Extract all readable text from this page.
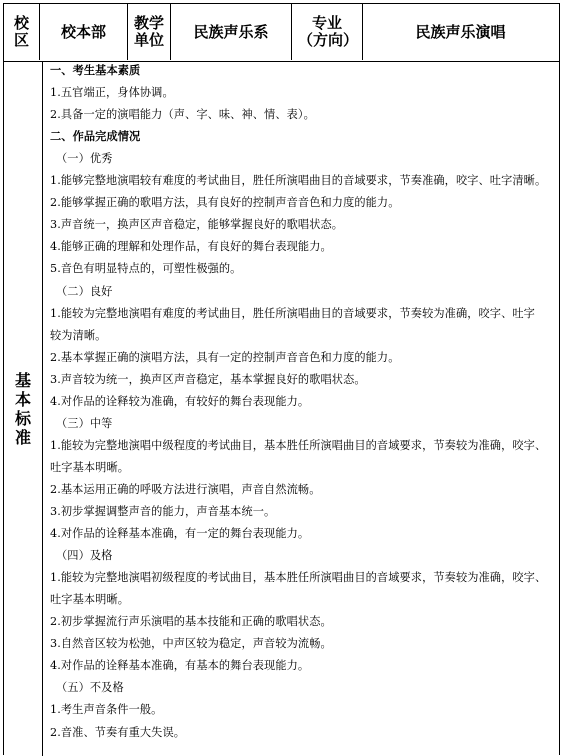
校区	校本部	教学单位	民族声乐系	专业（方向）	民族声乐演唱
基本标准
一、考生基本素质
1.五官端正，身体协调。
2.具备一定的演唱能力（声、字、味、神、情、表）。
二、作品完成情况
（一）优秀
1.能够完整地演唱较有难度的考试曲目，胜任所演唱曲目的音域要求，节奏准确，咬字、吐字清晰。
2.能够掌握正确的歌唱方法，具有良好的控制声音音色和力度的能力。
3.声音统一，换声区声音稳定，能够掌握良好的歌唱状态。
4.能够正确的理解和处理作品，有良好的舞台表现能力。
5.音色有明显特点的，可塑性极强的。
（二）良好
1.能较为完整地演唱有难度的考试曲目，胜任所演唱曲目的音域要求，节奏较为准确，咬字、吐字
较为清晰。
2.基本掌握正确的演唱方法，具有一定的控制声音音色和力度的能力。
3.声音较为统一，换声区声音稳定，基本掌握良好的歌唱状态。
4.对作品的诠释较为准确，有较好的舞台表现能力。
（三）中等
1.能较为完整地演唱中级程度的考试曲目，基本胜任所演唱曲目的音域要求，节奏较为准确，咬字、
吐字基本明晰。
2.基本运用正确的呼吸方法进行演唱，声音自然流畅。
3.初步掌握调整声音的能力，声音基本统一。
4.对作品的诠释基本准确，有一定的舞台表现能力。
（四）及格
1.能较为完整地演唱初级程度的考试曲目，基本胜任所演唱曲目的音域要求，节奏较为准确，咬字、
吐字基本明晰。
2.初步掌握流行声乐演唱的基本技能和正确的歌唱状态。
3.自然音区较为松弛，中声区较为稳定，声音较为流畅。
4.对作品的诠释基本准确，有基本的舞台表现能力。
（五）不及格
1.考生声音条件一般。
2.音准、节奏有重大失误。
